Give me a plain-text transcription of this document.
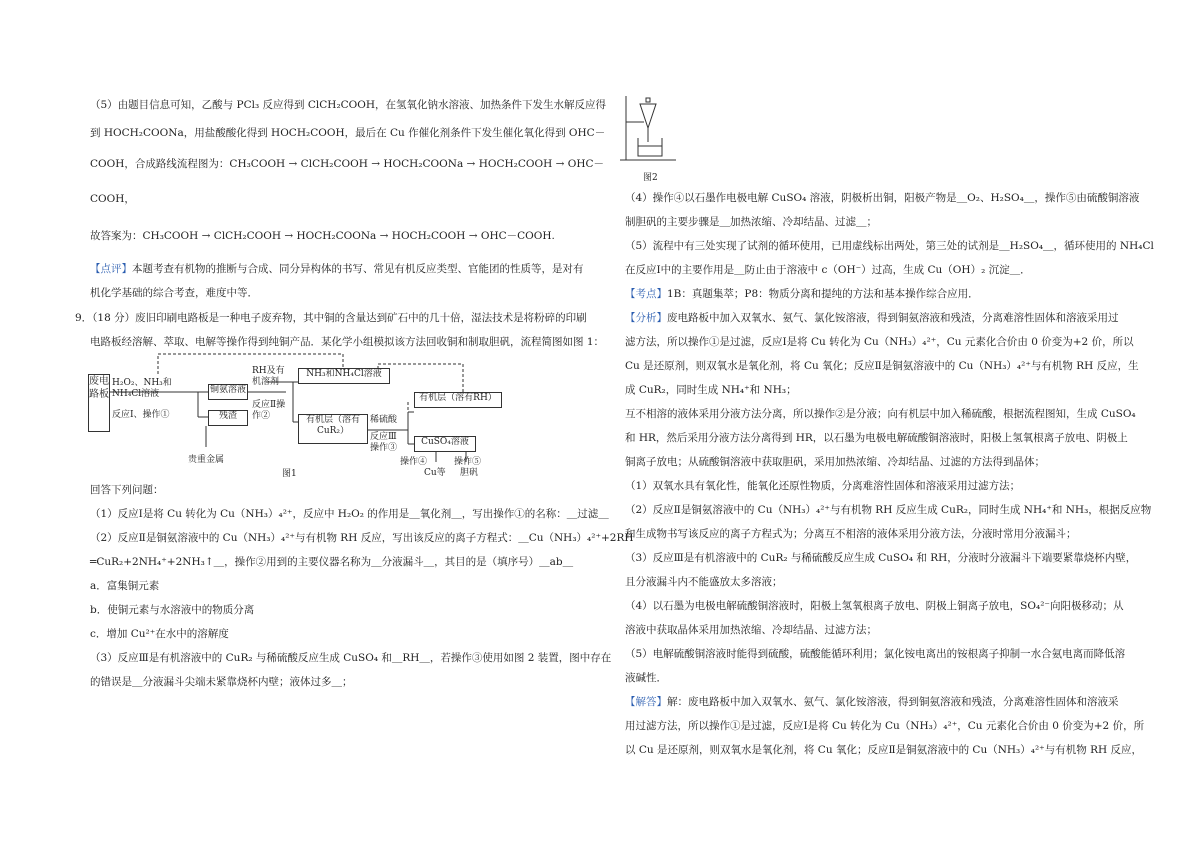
（5）由题目信息可知，乙酸与 PCl₃ 反应得到 ClCH₂COOH，在氢氧化钠水溶液、加热条件下发生水解反应得
到 HOCH₂COONa，用盐酸酸化得到 HOCH₂COOH，最后在 Cu 作催化剂条件下发生催化氧化得到 OHC－
COOH，合成路线流程图为：CH₃COOH → ClCH₂COOH → HOCH₂COONa → HOCH₂COOH → OHC－
COOH，
故答案为：CH₃COOH → ClCH₂COOH → HOCH₂COONa → HOCH₂COOH → OHC－COOH.
【点评】本题考查有机物的推断与合成、同分异构体的书写、常见有机反应类型、官能团的性质等，是对有
机化学基础的综合考查，难度中等．
9．（18 分）废旧印刷电路板是一种电子废弃物，其中铜的含量达到矿石中的几十倍，湿法技术是将粉碎的印刷
电路板经溶解、萃取、电解等操作得到纯铜产品．某化学小组模拟该方法回收铜和制取胆矾，流程简图如图 1：
废电路板
H₂O₂、NH₃和NH₄Cl溶液
反应Ⅰ、操作①
铜氨溶液
残渣
贵重金属
RH及有机溶剂
反应Ⅱ操作②
NH₃和NH₄Cl溶液
有机层（溶有CuR₂）
稀硫酸
反应Ⅲ操作③
有机层（溶有RH）
CuSO₄溶液
操作④	操作⑤
Cu等 胆矾
图1
回答下列问题：
（1）反应Ⅰ是将 Cu 转化为 Cu（NH₃）₄²⁺，反应中 H₂O₂ 的作用是＿氧化剂＿，写出操作①的名称：＿过滤＿
（2）反应Ⅱ是铜氨溶液中的 Cu（NH₃）₄²⁺与有机物 RH 反应，写出该反应的离子方程式：＿Cu（NH₃）₄²⁺+2RH
═CuR₂+2NH₄⁺+2NH₃↑＿，操作②用到的主要仪器名称为＿分液漏斗＿，其目的是（填序号）＿ab＿
a．富集铜元素
b．使铜元素与水溶液中的物质分离
c．增加 Cu²⁺在水中的溶解度
（3）反应Ⅲ是有机溶液中的 CuR₂ 与稀硫酸反应生成 CuSO₄ 和＿RH＿，若操作③使用如图 2 装置，图中存在
的错误是＿分液漏斗尖端未紧靠烧杯内壁；液体过多＿；
图2
（4）操作④以石墨作电极电解 CuSO₄ 溶液，阴极析出铜，阳极产物是＿O₂、H₂SO₄＿，操作⑤由硫酸铜溶液
制胆矾的主要步骤是＿加热浓缩、冷却结晶、过滤＿；
（5）流程中有三处实现了试剂的循环使用，已用虚线标出两处，第三处的试剂是＿H₂SO₄＿，循环使用的 NH₄Cl
在反应Ⅰ中的主要作用是＿防止由于溶液中 c（OH⁻）过高，生成 Cu（OH）₂ 沉淀＿．
【考点】1B：真题集萃；P8：物质分离和提纯的方法和基本操作综合应用．
【分析】废电路板中加入双氧水、氨气、氯化铵溶液，得到铜氨溶液和残渣，分离难溶性固体和溶液采用过
滤方法，所以操作①是过滤，反应Ⅰ是将 Cu 转化为 Cu（NH₃）₄²⁺，Cu 元素化合价由 0 价变为+2 价，所以
Cu 是还原剂，则双氧水是氧化剂，将 Cu 氧化；反应Ⅱ是铜氨溶液中的 Cu（NH₃）₄²⁺与有机物 RH 反应，生
成 CuR₂，同时生成 NH₄⁺和 NH₃；
互不相溶的液体采用分液方法分离，所以操作②是分液；向有机层中加入稀硫酸，根据流程图知，生成 CuSO₄
和 HR，然后采用分液方法分离得到 HR，以石墨为电极电解硫酸铜溶液时，阳极上氢氧根离子放电、阴极上
铜离子放电；从硫酸铜溶液中获取胆矾，采用加热浓缩、冷却结晶、过滤的方法得到晶体；
（1）双氧水具有氧化性，能氧化还原性物质，分离难溶性固体和溶液采用过滤方法；
（2）反应Ⅱ是铜氨溶液中的 Cu（NH₃）₄²⁺与有机物 RH 反应生成 CuR₂，同时生成 NH₄⁺和 NH₃，根据反应物
和生成物书写该反应的离子方程式为；分离互不相溶的液体采用分液方法，分液时常用分液漏斗；
（3）反应Ⅲ是有机溶液中的 CuR₂ 与稀硫酸反应生成 CuSO₄ 和 RH，分液时分液漏斗下端要紧靠烧杯内壁，
且分液漏斗内不能盛放太多溶液；
（4）以石墨为电极电解硫酸铜溶液时，阳极上氢氧根离子放电、阴极上铜离子放电，SO₄²⁻向阳极移动；从
溶液中获取晶体采用加热浓缩、冷却结晶、过滤方法；
（5）电解硫酸铜溶液时能得到硫酸，硫酸能循环利用；氯化铵电离出的铵根离子抑制一水合氨电离而降低溶
液碱性．
【解答】解：废电路板中加入双氧水、氨气、氯化铵溶液，得到铜氨溶液和残渣，分离难溶性固体和溶液采
用过滤方法，所以操作①是过滤，反应Ⅰ是将 Cu 转化为 Cu（NH₃）₄²⁺，Cu 元素化合价由 0 价变为+2 价，所
以 Cu 是还原剂，则双氧水是氧化剂，将 Cu 氧化；反应Ⅱ是铜氨溶液中的 Cu（NH₃）₄²⁺与有机物 RH 反应，
